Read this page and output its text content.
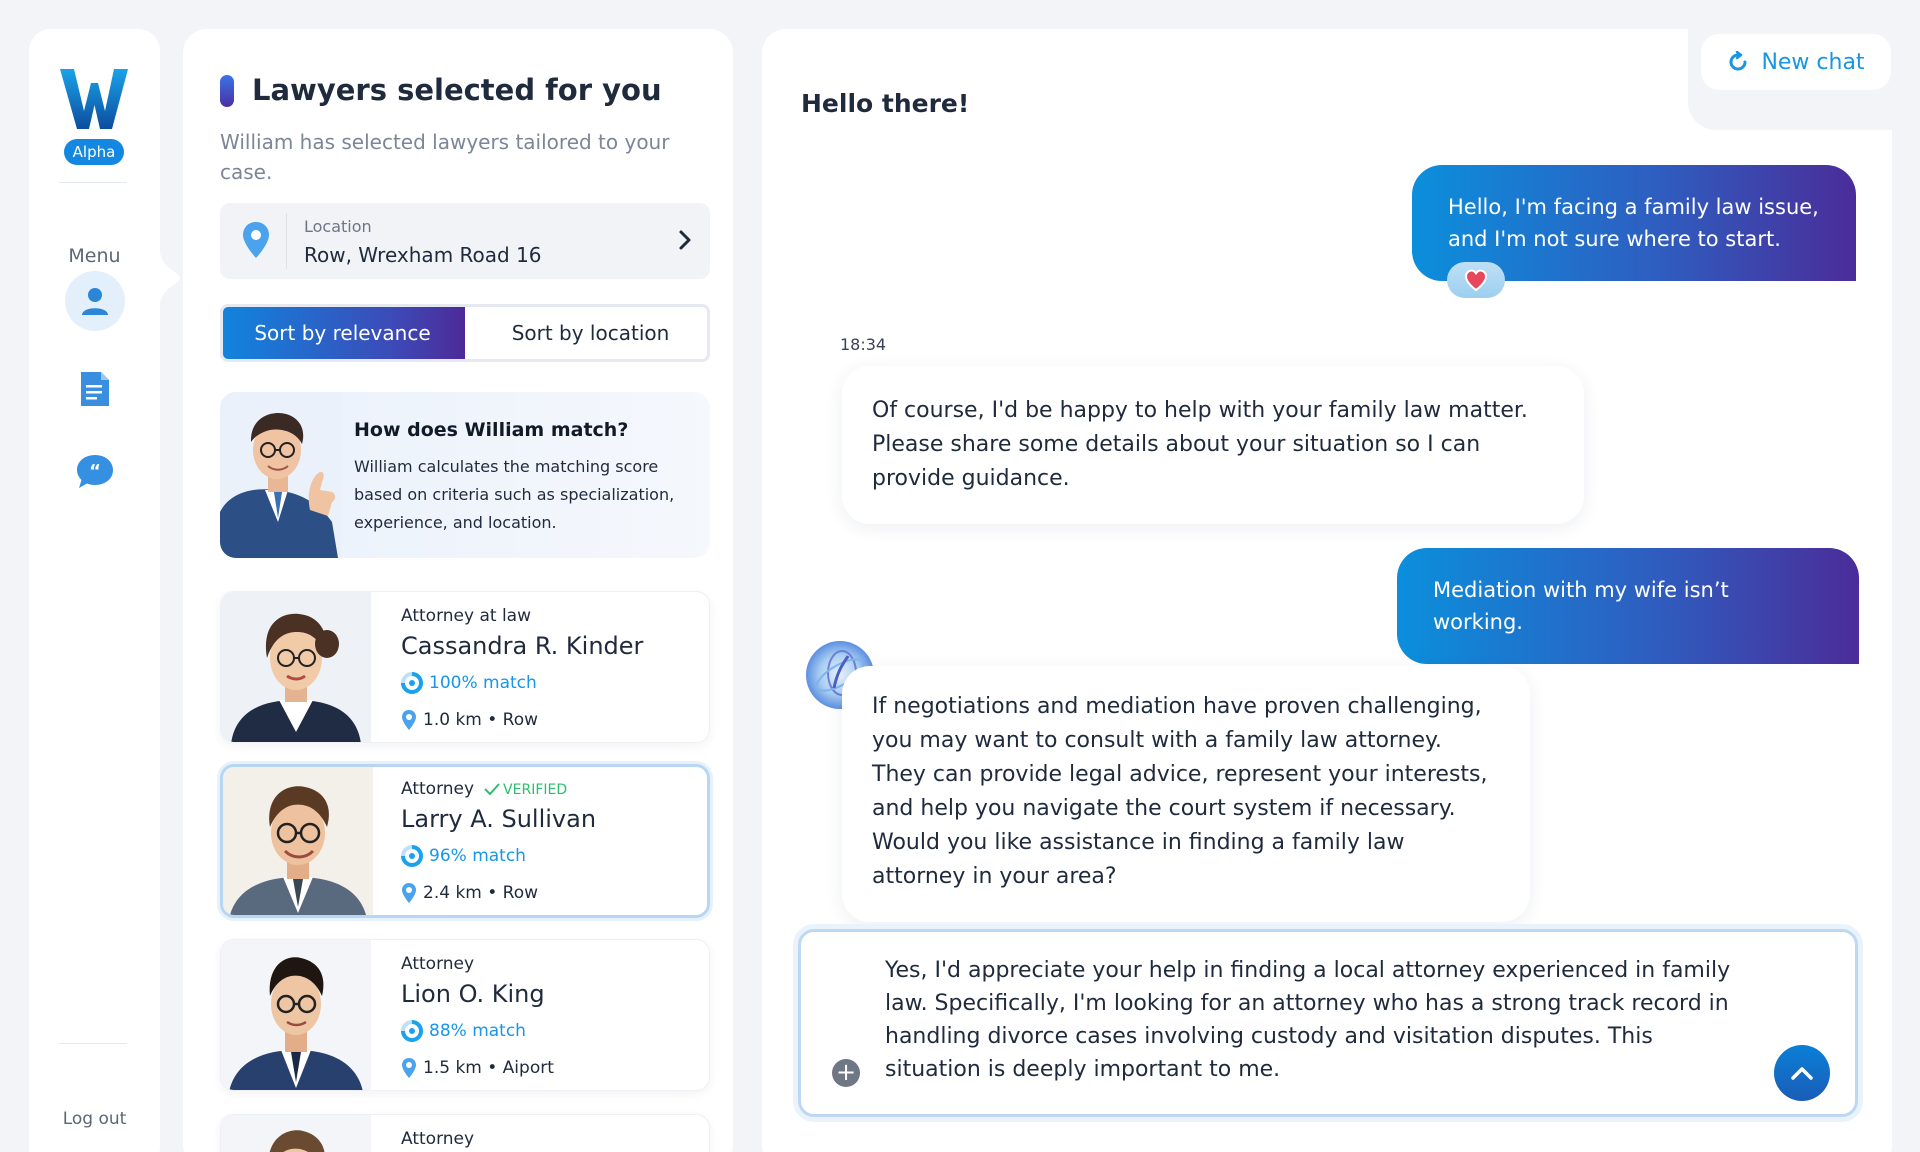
Alpha
Menu
“
Log out
Lawyers selected for you
William has selected lawyers tailored to your case.
Location
Row, Wrexham Road 16
Sort by relevance	Sort by location
How does William match?
William calculates the matching score based on criteria such as specialization, experience, and location.
Attorney at law
Cassandra R. Kinder
100% match
1.0 km • Row
Attorney VERIFIED
Larry A. Sullivan
96% match
2.4 km • Row
Attorney
Lion O. King
88% match
1.5 km • Aiport
Attorney
New chat
Hello there!
Hello, I'm facing a family law issue, and I'm not sure where to start.
18:34
Of course, I'd be happy to help with your family law matter. Please share some details about your situation so I can provide guidance.
Mediation with my wife isn’t working.
If negotiations and mediation have proven challenging, you may want to consult with a family law attorney. They can provide legal advice, represent your interests, and help you navigate the court system if necessary. Would you like assistance in finding a family law attorney in your area?
Yes, I'd appreciate your help in finding a local attorney experienced in family law. Specifically, I'm looking for an attorney who has a strong track record in handling divorce cases involving custody and visitation disputes. This situation is deeply important to me.
+
